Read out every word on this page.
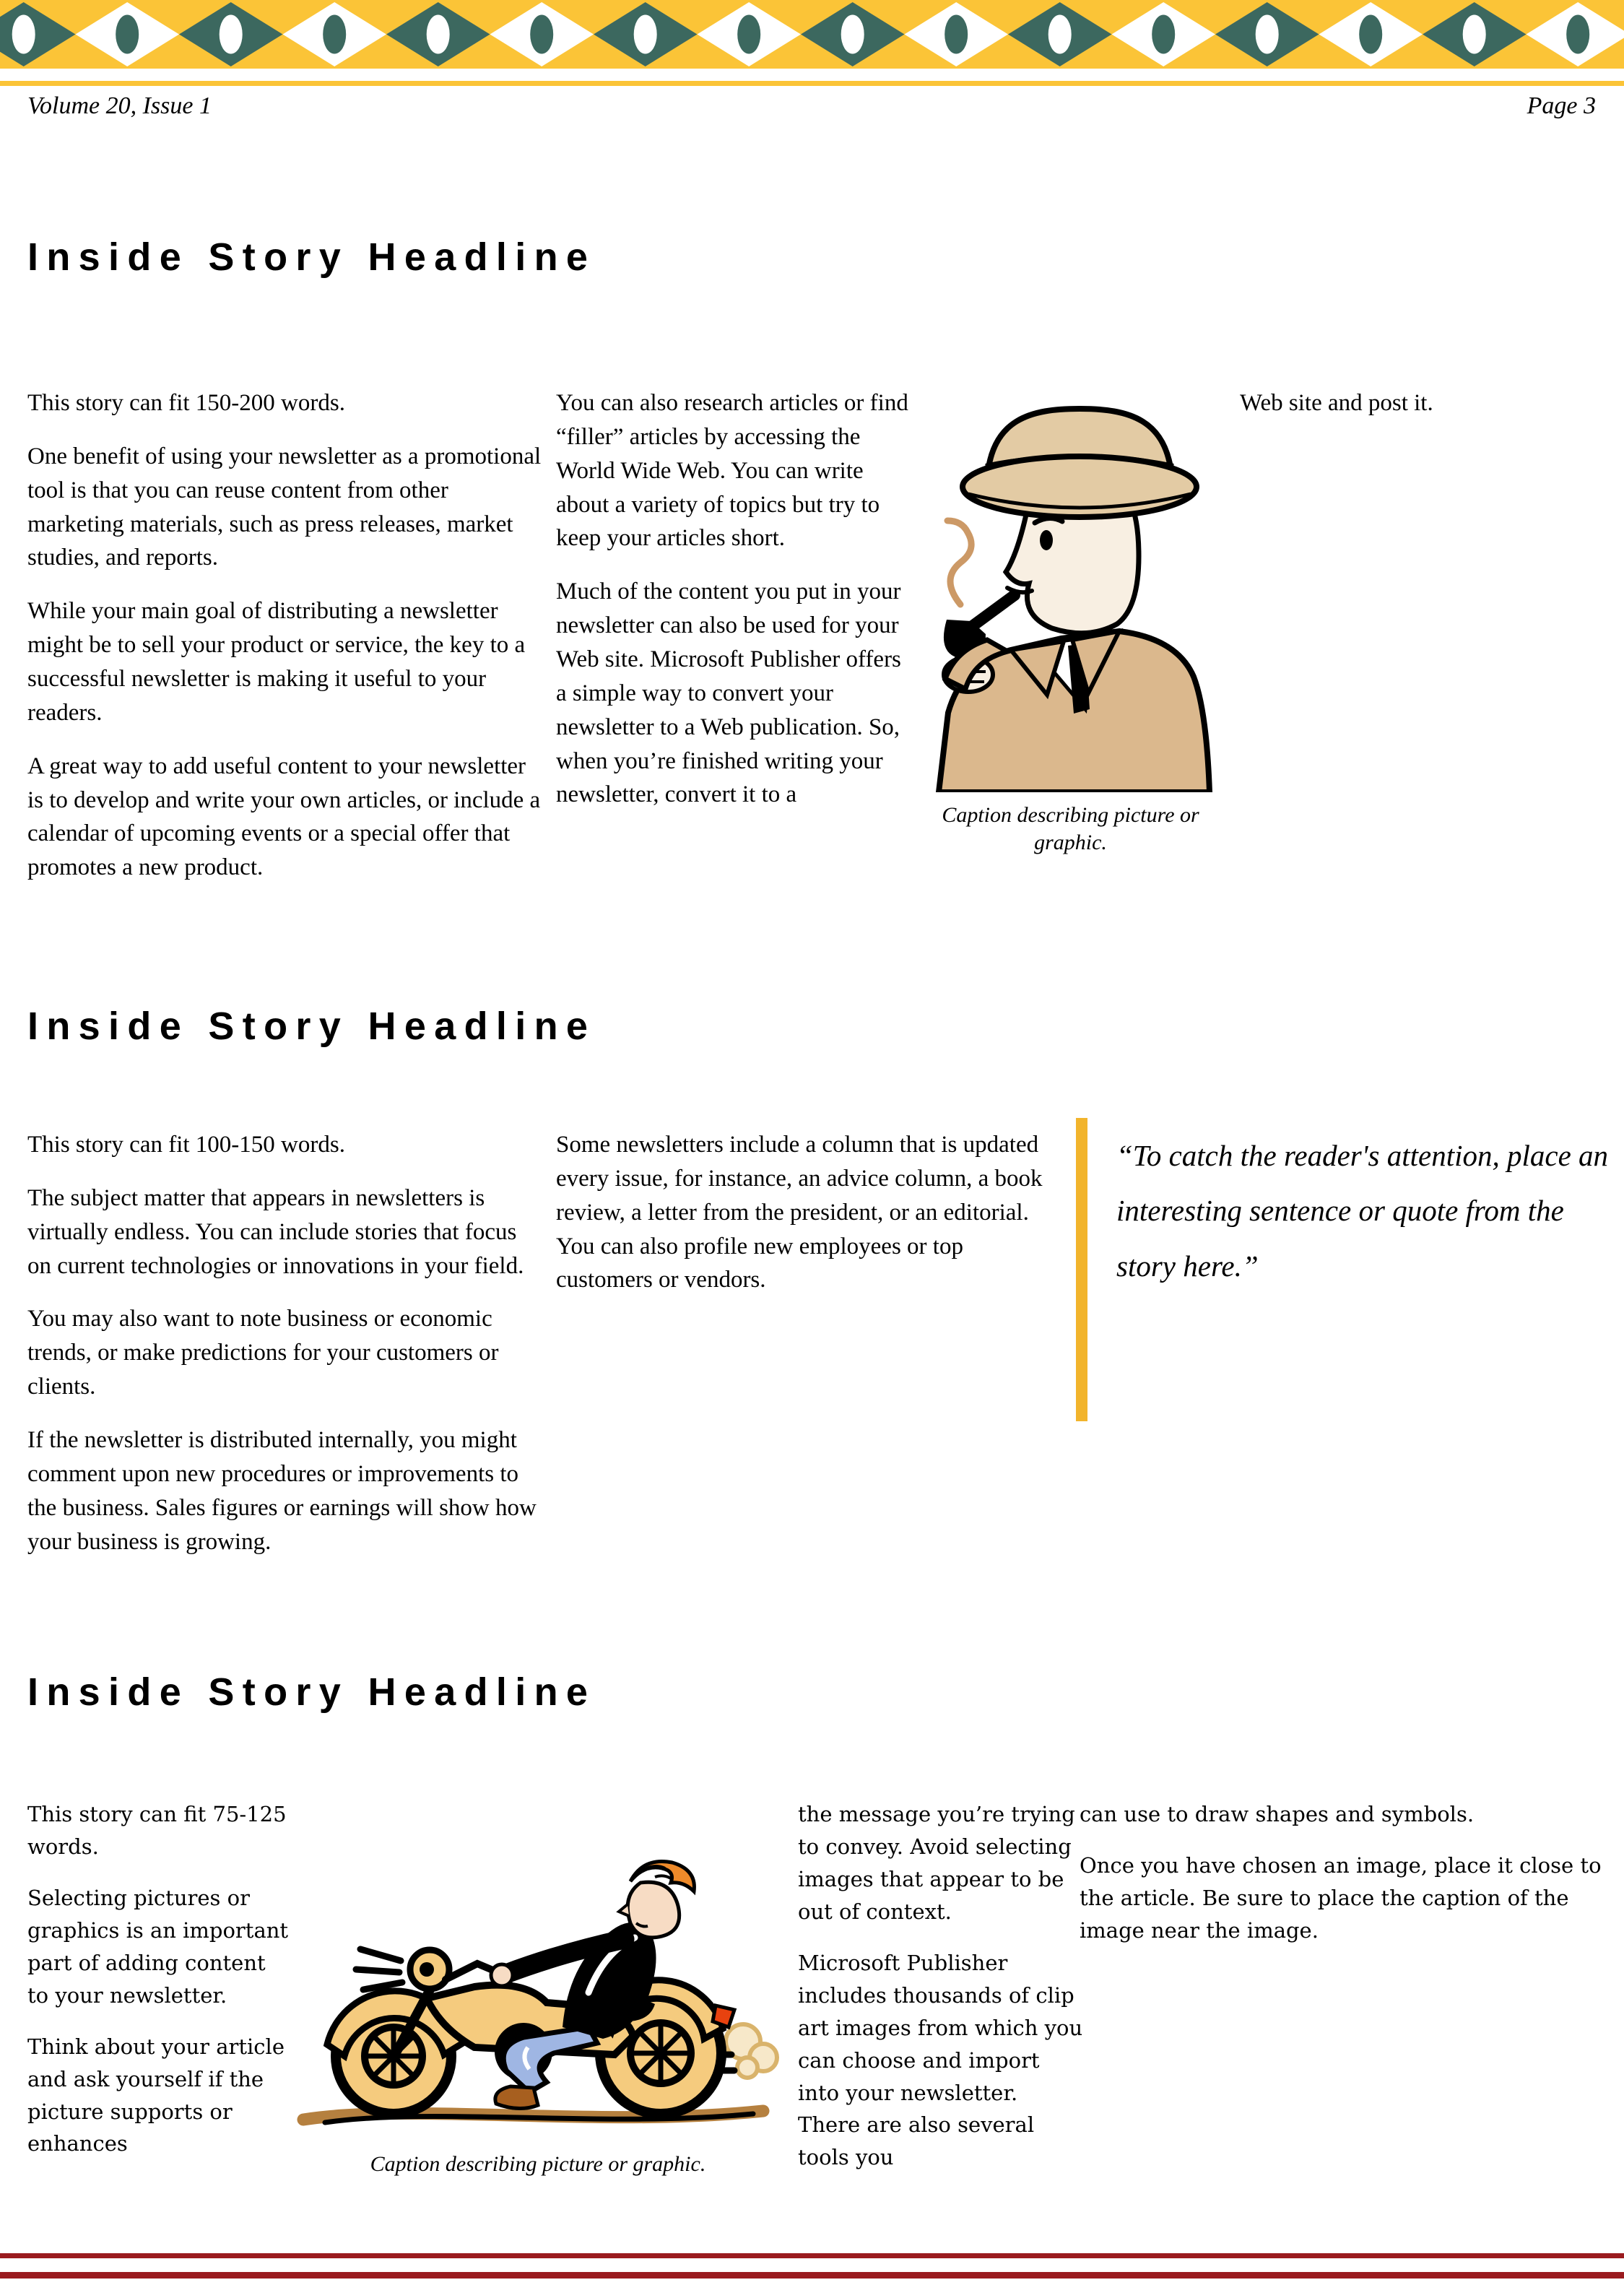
Volume 20, Issue 1	Page 3
Inside Story Headline

This story can fit 150-200 words.

One benefit of using your newsletter as a promotional tool is that you can reuse content from other marketing materials, such as press releases, market studies, and reports.

While your main goal of distributing a newsletter might be to sell your product or service, the key to a successful newsletter is making it useful to your readers.

A great way to add useful content to your newsletter is to develop and write your own articles, or include a calendar of upcoming events or a special offer that promotes a new product.

You can also research articles or find “filler” articles by accessing the World Wide Web. You can write about a variety of topics but try to keep your articles short.

Much of the content you put in your newsletter can also be used for your Web site. Microsoft Publisher offers a simple way to convert your newsletter to a Web publication. So, when you’re finished writing your newsletter, convert it to a

Web site and post it.

Caption describing picture or graphic.
Inside Story Headline

This story can fit 100-150 words.

The subject matter that appears in newsletters is virtually endless. You can include stories that focus on current technologies or innovations in your field.

You may also want to note business or economic trends, or make predictions for your customers or clients.

If the newsletter is distributed internally, you might comment upon new procedures or improvements to the business. Sales figures or earnings will show how your business is growing.

Some newsletters include a column that is updated every issue, for instance, an advice column, a book review, a letter from the president, or an editorial. You can also profile new employees or top customers or vendors.

“To catch the reader's attention, place an interesting sentence or quote from the story here.”
Inside Story Headline

This story can fit 75-125 words.

Selecting pictures or graphics is an important part of adding content to your newsletter.

Think about your article and ask yourself if the picture supports or enhances

Caption describing picture or graphic.

the message you’re trying to convey. Avoid selecting images that appear to be out of context.

Microsoft Publisher includes thousands of clip art images from which you can choose and import into your newsletter. There are also several tools you

can use to draw shapes and symbols.

Once you have chosen an image, place it close to the article. Be sure to place the caption of the image near the image.
